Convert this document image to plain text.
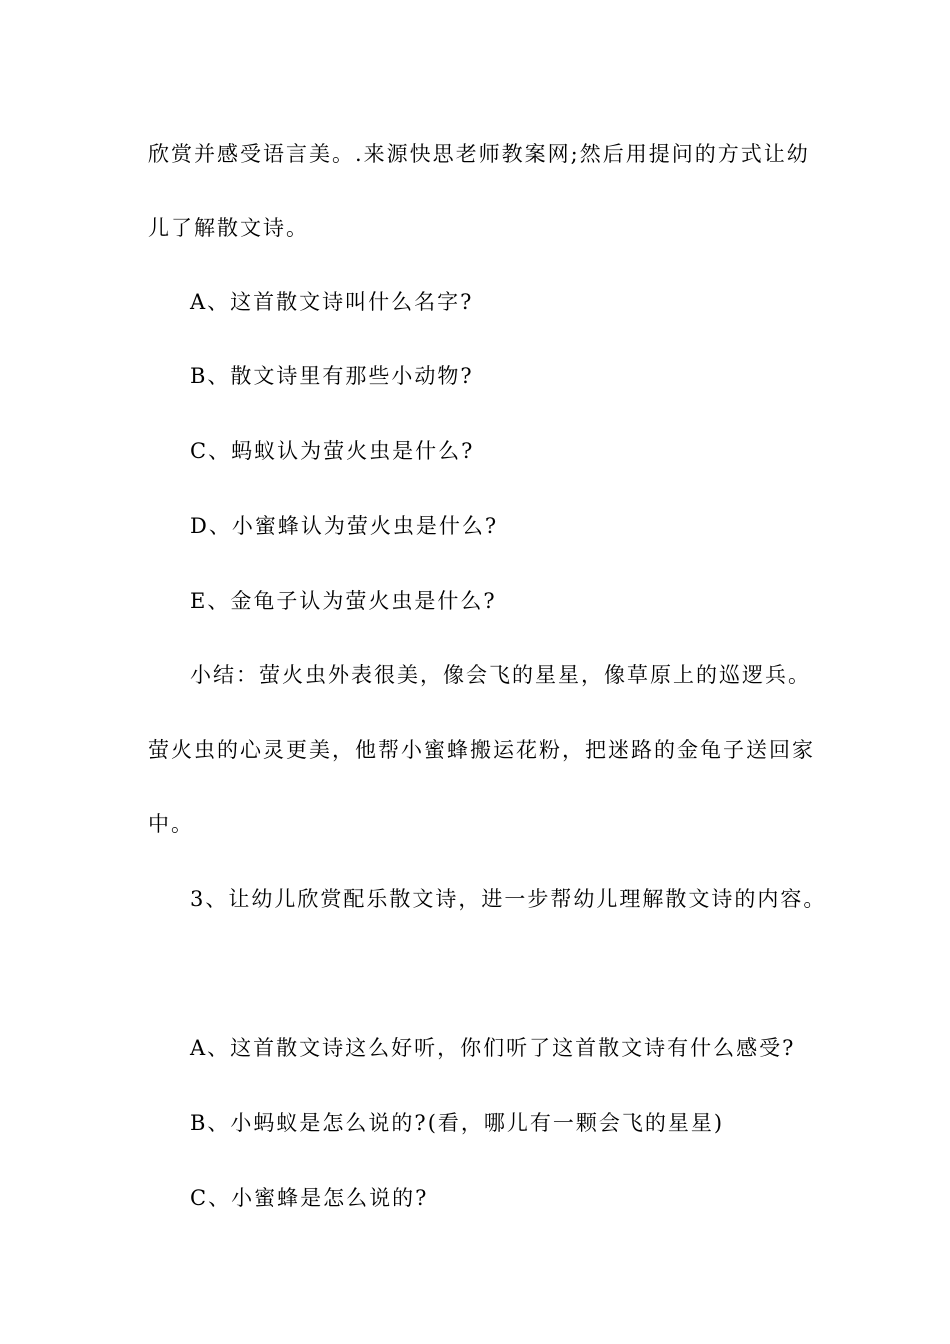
欣赏并感受语言美。.来源快思老师教案网;然后用提问的方式让幼
儿了解散文诗。
A、这首散文诗叫什么名字?
B、散文诗里有那些小动物?
C、蚂蚁认为萤火虫是什么?
D、小蜜蜂认为萤火虫是什么?
E、金龟子认为萤火虫是什么?
小结：萤火虫外表很美，像会飞的星星，像草原上的巡逻兵。
萤火虫的心灵更美，他帮小蜜蜂搬运花粉，把迷路的金龟子送回家
中。
3、让幼儿欣赏配乐散文诗，进一步帮幼儿理解散文诗的内容。
A、这首散文诗这么好听，你们听了这首散文诗有什么感受?
B、小蚂蚁是怎么说的?(看，哪儿有一颗会飞的星星)
C、小蜜蜂是怎么说的?
